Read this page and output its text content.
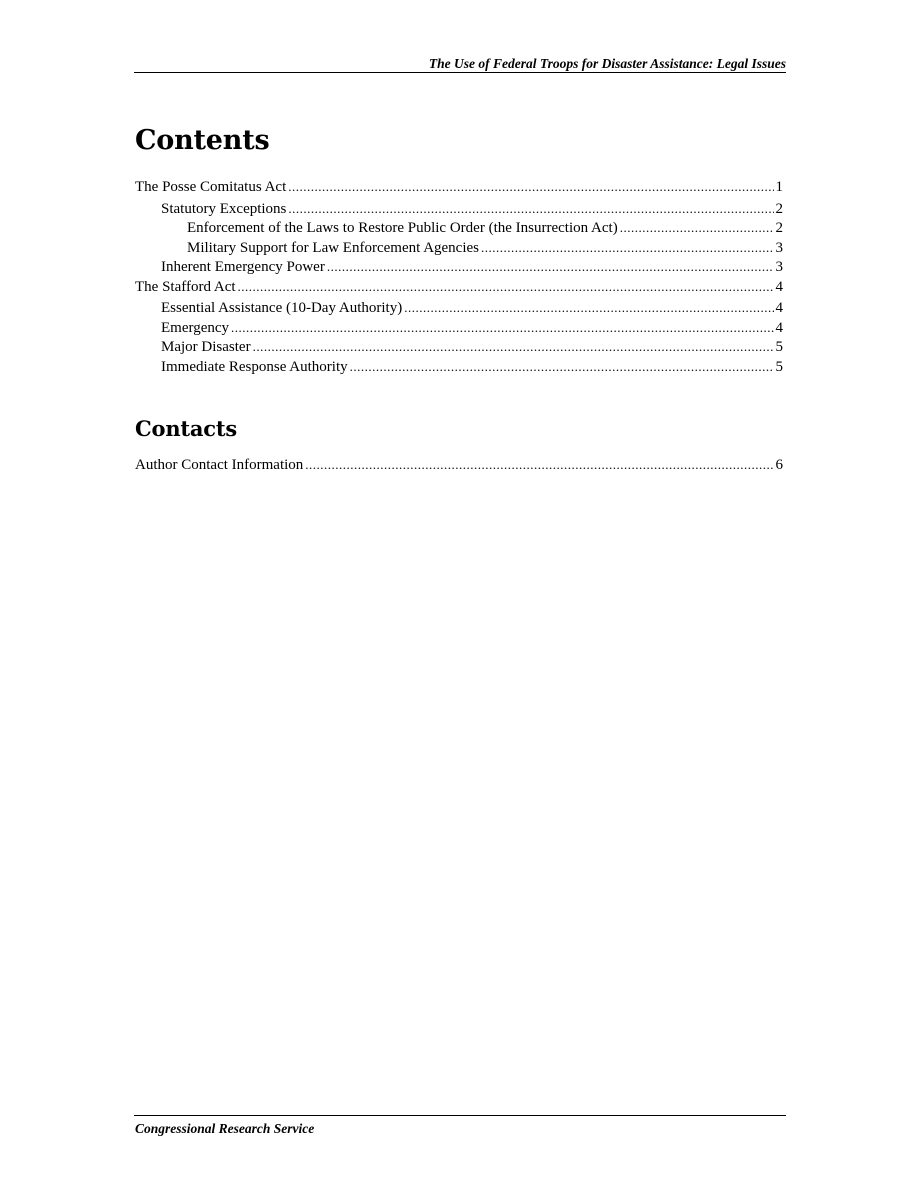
The Use of Federal Troops for Disaster Assistance: Legal Issues
Contents
The Posse Comitatus Act .....	1
Statutory Exceptions .....	2
Enforcement of the Laws to Restore Public Order (the Insurrection Act) .....	2
Military Support for Law Enforcement Agencies .....	3
Inherent Emergency Power .....	3
The Stafford Act .....	4
Essential Assistance (10-Day Authority) .....	4
Emergency .....	4
Major Disaster .....	5
Immediate Response Authority .....	5
Contacts
Author Contact Information .....	6
Congressional Research Service
